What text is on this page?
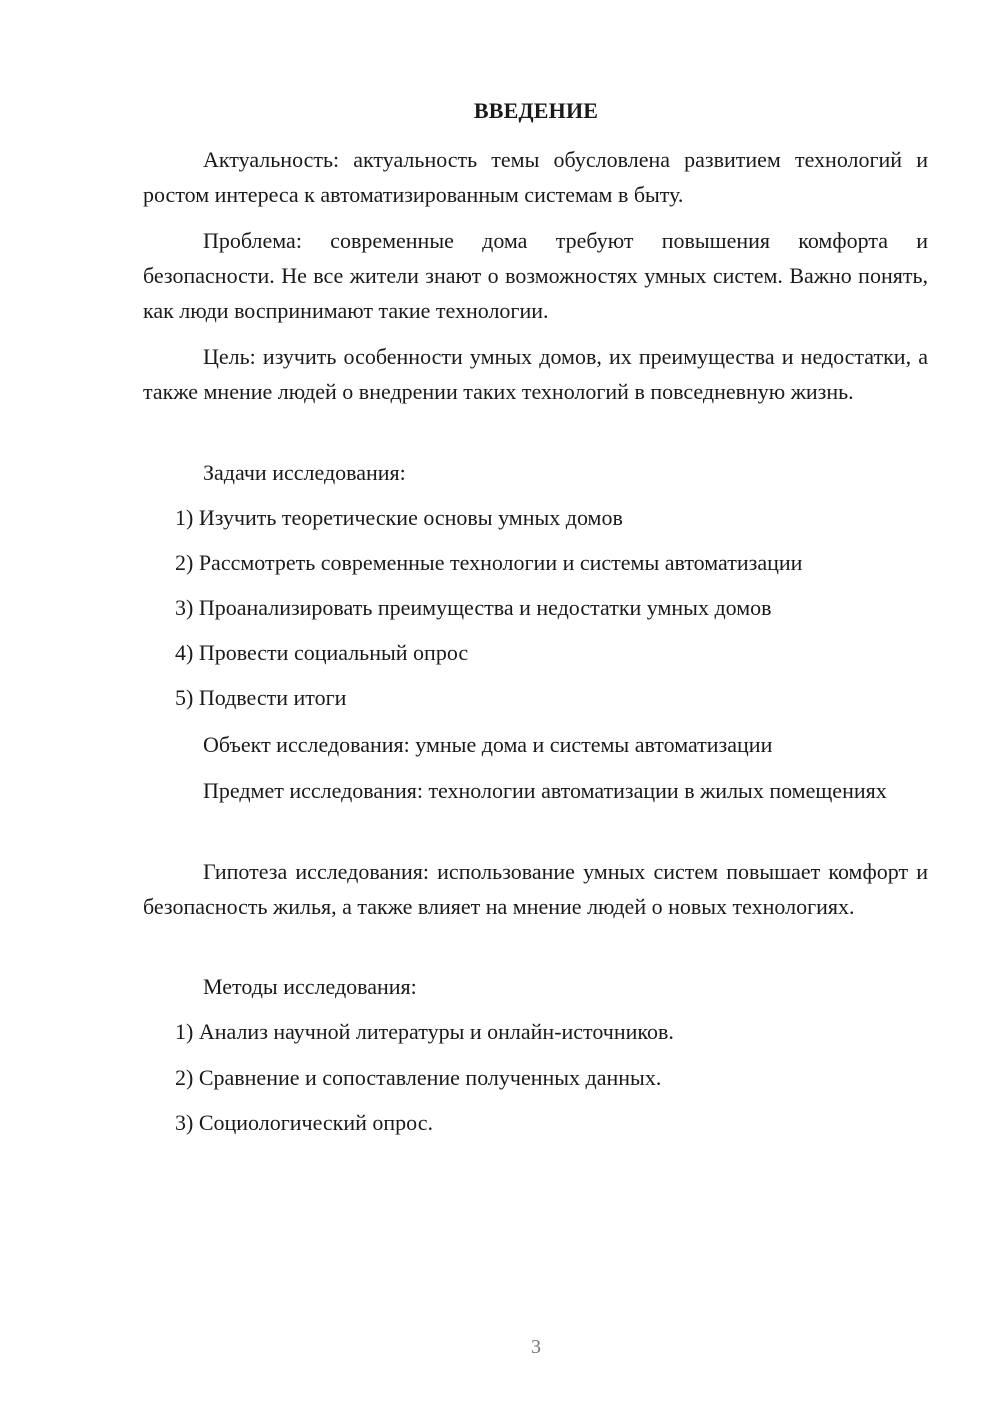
ВВЕДЕНИЕ

Актуальность: актуальность темы обусловлена развитием технологий и ростом интереса к автоматизированным системам в быту.

Проблема: современные дома требуют повышения комфорта и безопасности. Не все жители знают о возможностях умных систем. Важно понять, как люди воспринимают такие технологии.

Цель: изучить особенности умных домов, их преимущества и недостатки, а также мнение людей о внедрении таких технологий в повседневную жизнь.

Задачи исследования:

1) Изучить теоретические основы умных домов

2) Рассмотреть современные технологии и системы автоматизации

3) Проанализировать преимущества и недостатки умных домов

4) Провести социальный опрос

5) Подвести итоги

Объект исследования: умные дома и системы автоматизации

Предмет исследования: технологии автоматизации в жилых помещениях

Гипотеза исследования: использование умных систем повышает комфорт и безопасность жилья, а также влияет на мнение людей о новых технологиях.

Методы исследования:

1) Анализ научной литературы и онлайн-источников.

2) Сравнение и сопоставление полученных данных.

3) Социологический опрос.

3
